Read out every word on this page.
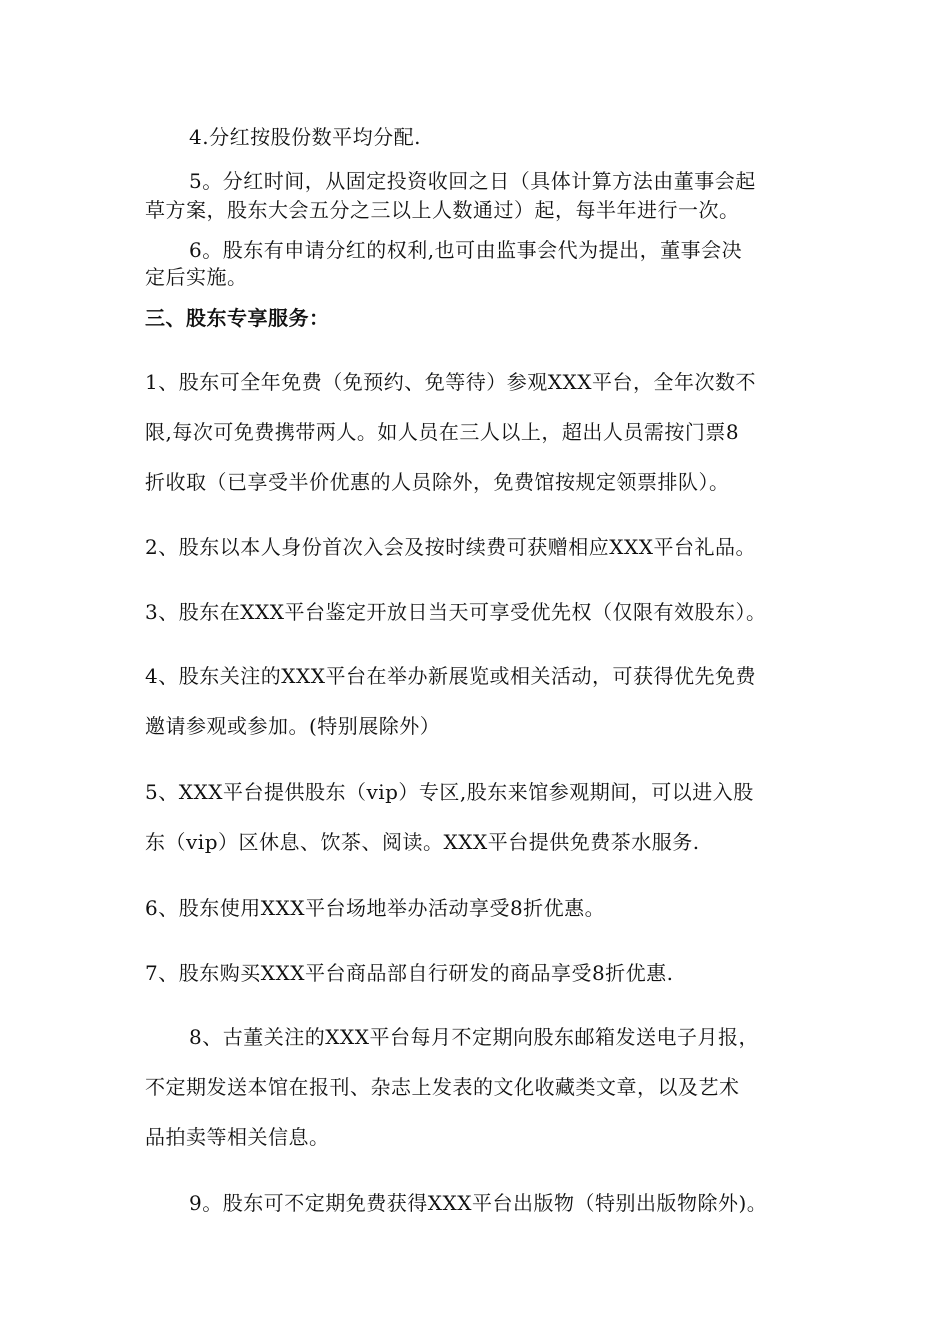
4.分红按股份数平均分配.
5。分红时间，从固定投资收回之日（具体计算方法由董事会起
草方案，股东大会五分之三以上人数通过）起，每半年进行一次。
6。股东有申请分红的权利,也可由监事会代为提出，董事会决
定后实施。
三、股东专享服务：
1、股东可全年免费（免预约、免等待）参观XXX平台，全年次数不
限,每次可免费携带两人。如人员在三人以上，超出人员需按门票8
折收取（已享受半价优惠的人员除外，免费馆按规定领票排队）。
2、股东以本人身份首次入会及按时续费可获赠相应XXX平台礼品。
3、股东在XXX平台鉴定开放日当天可享受优先权（仅限有效股东）。
4、股东关注的XXX平台在举办新展览或相关活动，可获得优先免费
邀请参观或参加。(特别展除外）
5、XXX平台提供股东（vip）专区,股东来馆参观期间，可以进入股
东（vip）区休息、饮茶、阅读。XXX平台提供免费茶水服务.
6、股东使用XXX平台场地举办活动享受8折优惠。
7、股东购买XXX平台商品部自行研发的商品享受8折优惠.
8、古董关注的XXX平台每月不定期向股东邮箱发送电子月报，
不定期发送本馆在报刊、杂志上发表的文化收藏类文章，以及艺术
品拍卖等相关信息。
9。股东可不定期免费获得XXX平台出版物（特别出版物除外)。
